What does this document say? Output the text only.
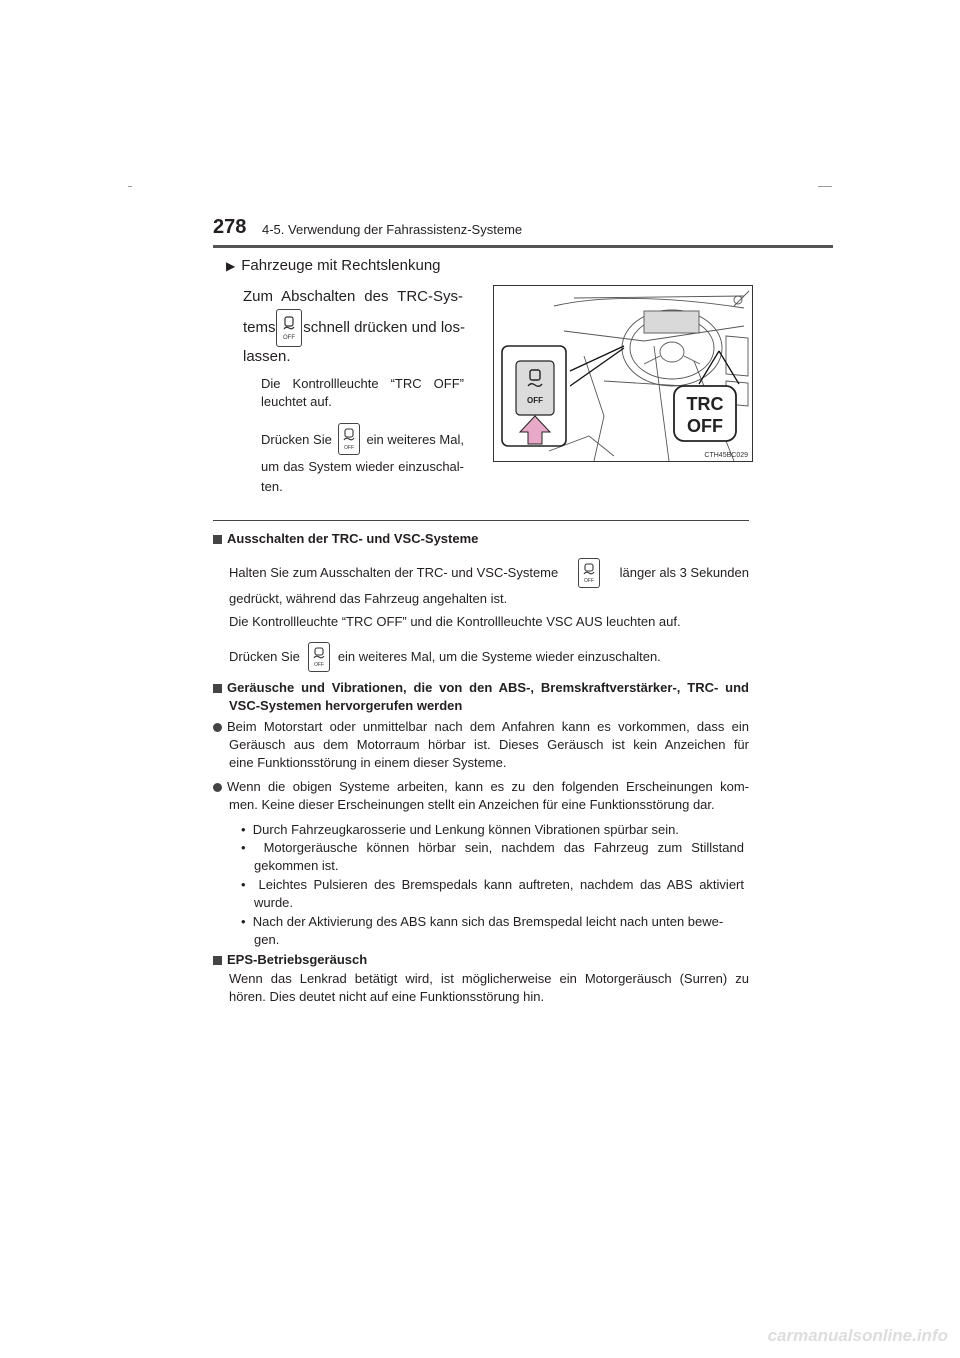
278 4-5. Verwendung der Fahrassistenz-Systeme
▶ Fahrzeuge mit Rechtslenkung
Zum Abschalten des TRC-Sys-
tems
OFF
schnell drücken und los-
lassen.
Die Kontrollleuchte “TRC OFF”
leuchtet auf.
Drücken Sie
OFF
ein weiteres Mal,
um das System wieder einzuschal-
ten.
OFF	TRC
OFF
CTH45BC029
Ausschalten der TRC- und VSC-Systeme
Halten Sie zum Ausschalten der TRC- und VSC-Systeme
OFF
länger als 3 Sekunden
gedrückt, während das Fahrzeug angehalten ist.
Die Kontrollleuchte “TRC OFF” und die Kontrollleuchte VSC AUS leuchten auf.
Drücken Sie
OFF
ein weiteres Mal, um die Systeme wieder einzuschalten.
Geräusche und Vibrationen, die von den ABS-, Bremskraftverstärker-, TRC- und
VSC-Systemen hervorgerufen werden
Beim Motorstart oder unmittelbar nach dem Anfahren kann es vorkommen, dass ein
Geräusch aus dem Motorraum hörbar ist. Dieses Geräusch ist kein Anzeichen für
eine Funktionsstörung in einem dieser Systeme.
Wenn die obigen Systeme arbeiten, kann es zu den folgenden Erscheinungen kom-
men. Keine dieser Erscheinungen stellt ein Anzeichen für eine Funktionsstörung dar.
•  Durch Fahrzeugkarosserie und Lenkung können Vibrationen spürbar sein.
•  Motorgeräusche können hörbar sein, nachdem das Fahrzeug zum Stillstand
gekommen ist.
•  Leichtes Pulsieren des Bremspedals kann auftreten, nachdem das ABS aktiviert
wurde.
•  Nach der Aktivierung des ABS kann sich das Bremspedal leicht nach unten bewe-
gen.
EPS-Betriebsgeräusch
Wenn das Lenkrad betätigt wird, ist möglicherweise ein Motorgeräusch (Surren) zu
hören. Dies deutet nicht auf eine Funktionsstörung hin.
carmanualsonline.info
